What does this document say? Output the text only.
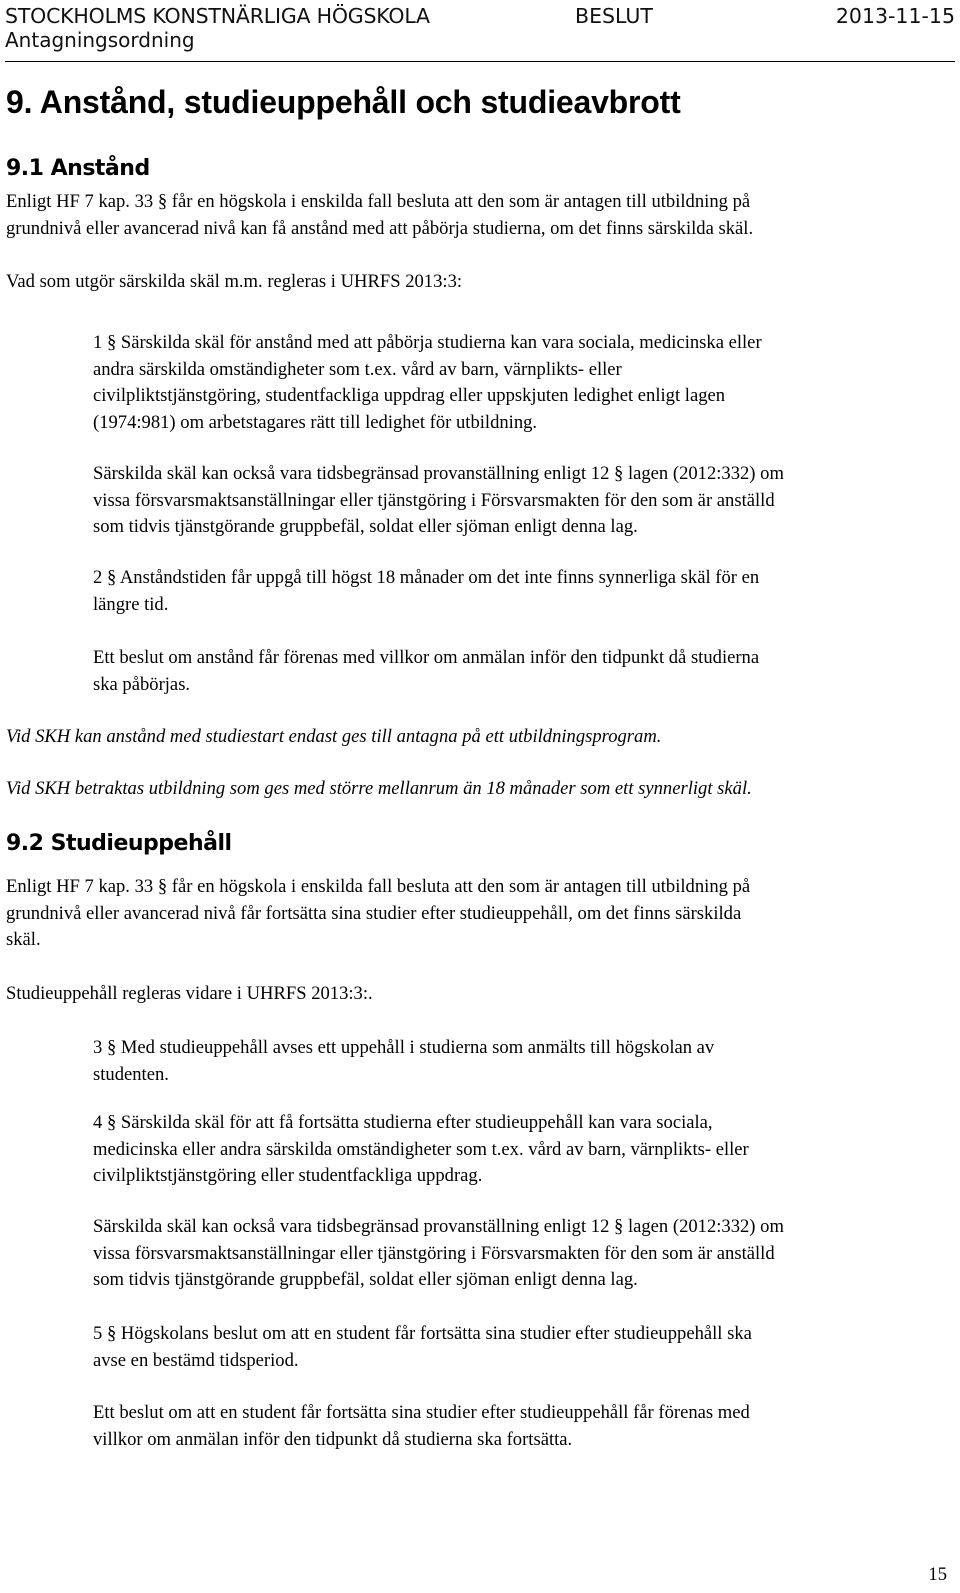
STOCKHOLMS KONSTNÄRLIGA HÖGSKOLA	BESLUT	2013-11-15
Antagningsordning
9. Anstånd, studieuppehåll och studieavbrott
9.1 Anstånd

Enligt HF 7 kap. 33 § får en högskola i enskilda fall besluta att den som är antagen till utbildning på
grundnivå eller avancerad nivå kan få anstånd med att påbörja studierna, om det finns särskilda skäl.

Vad som utgör särskilda skäl m.m. regleras i UHRFS 2013:3:

1 § Särskilda skäl för anstånd med att påbörja studierna kan vara sociala, medicinska eller
andra särskilda omständigheter som t.ex. vård av barn, värnplikts- eller
civilpliktstjänstgöring, studentfackliga uppdrag eller uppskjuten ledighet enligt lagen
(1974:981) om arbetstagares rätt till ledighet för utbildning.

Särskilda skäl kan också vara tidsbegränsad provanställning enligt 12 § lagen (2012:332) om
vissa försvarsmaktsanställningar eller tjänstgöring i Försvarsmakten för den som är anställd
som tidvis tjänstgörande gruppbefäl, soldat eller sjöman enligt denna lag.

2 § Anståndstiden får uppgå till högst 18 månader om det inte finns synnerliga skäl för en
längre tid.

Ett beslut om anstånd får förenas med villkor om anmälan inför den tidpunkt då studierna
ska påbörjas.

Vid SKH kan anstånd med studiestart endast ges till antagna på ett utbildningsprogram.

Vid SKH betraktas utbildning som ges med större mellanrum än 18 månader som ett synnerligt skäl.

9.2 Studieuppehåll

Enligt HF 7 kap. 33 § får en högskola i enskilda fall besluta att den som är antagen till utbildning på
grundnivå eller avancerad nivå får fortsätta sina studier efter studieuppehåll, om det finns särskilda
skäl.

Studieuppehåll regleras vidare i UHRFS 2013:3:.

3 § Med studieuppehåll avses ett uppehåll i studierna som anmälts till högskolan av
studenten.

4 § Särskilda skäl för att få fortsätta studierna efter studieuppehåll kan vara sociala,
medicinska eller andra särskilda omständigheter som t.ex. vård av barn, värnplikts- eller
civilpliktstjänstgöring eller studentfackliga uppdrag.

Särskilda skäl kan också vara tidsbegränsad provanställning enligt 12 § lagen (2012:332) om
vissa försvarsmaktsanställningar eller tjänstgöring i Försvarsmakten för den som är anställd
som tidvis tjänstgörande gruppbefäl, soldat eller sjöman enligt denna lag.

5 § Högskolans beslut om att en student får fortsätta sina studier efter studieuppehåll ska
avse en bestämd tidsperiod.

Ett beslut om att en student får fortsätta sina studier efter studieuppehåll får förenas med
villkor om anmälan inför den tidpunkt då studierna ska fortsätta.

15
